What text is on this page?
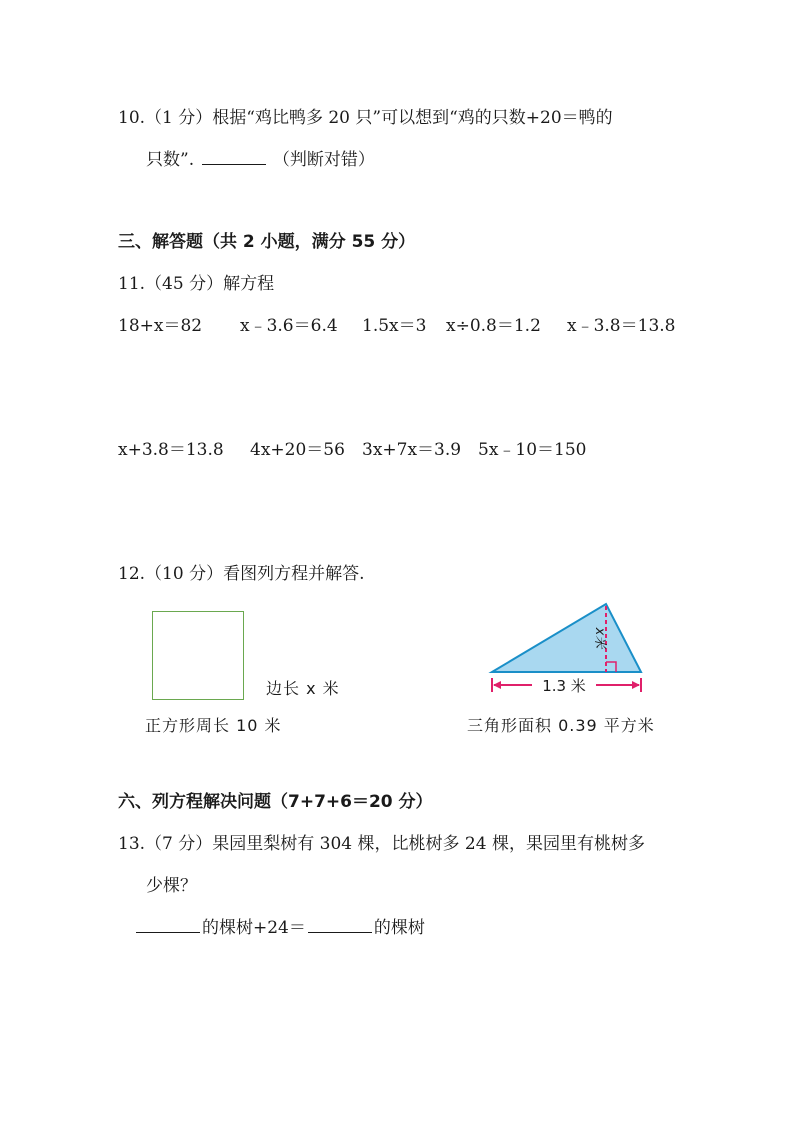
10.（1 分）根据“鸡比鸭多 20 只”可以想到“鸡的只数+20＝鸭的
只数”.	（判断对错）
三、解答题（共 2 小题，满分 55 分）
11.（45 分）解方程
18+x＝82 x﹣3.6＝6.4 1.5x＝3 x÷0.8＝1.2 x﹣3.8＝13.8
x+3.8＝13.8 4x+20＝56 3x+7x＝3.9 5x﹣10＝150
12.（10 分）看图列方程并解答.
边长 x 米
正方形周长 10 米
x米
1.3 米
三角形面积 0.39 平方米
六、列方程解决问题（7+7+6＝20 分）
13.（7 分）果园里梨树有 304 棵，比桃树多 24 棵，果园里有桃树多
少棵？
的棵树+24＝	的棵树
